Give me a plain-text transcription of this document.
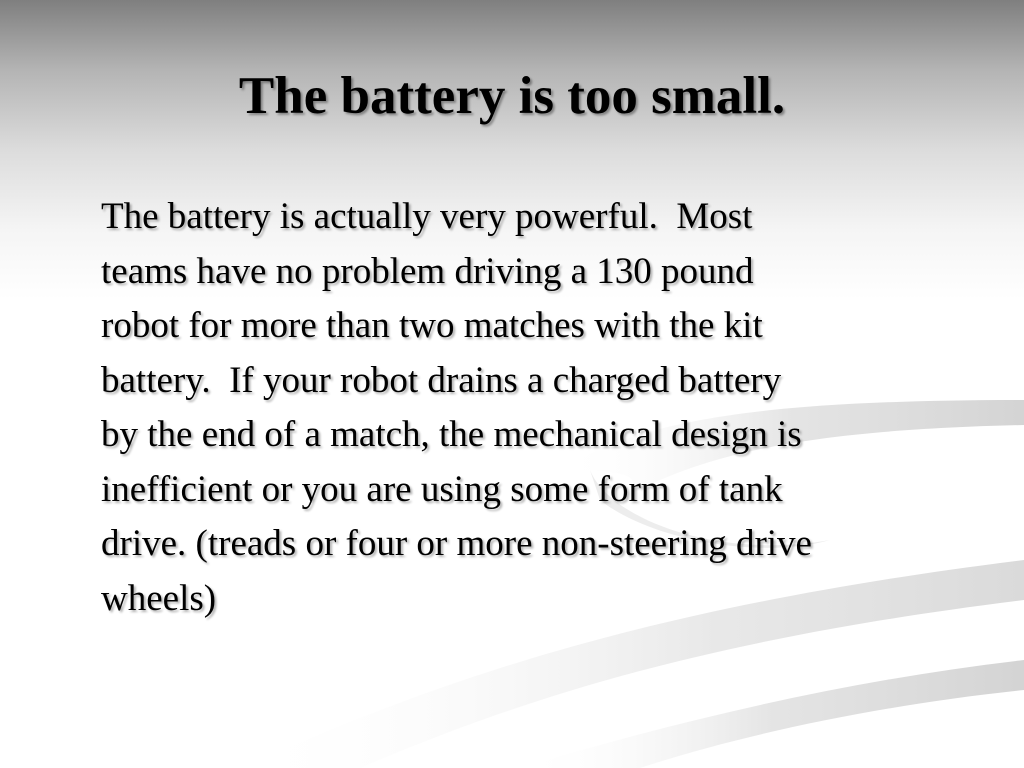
The battery is too small.
The battery is actually very powerful.  Most
teams have no problem driving a 130 pound
robot for more than two matches with the kit
battery.  If your robot drains a charged battery
by the end of a match, the mechanical design is
inefficient or you are using some form of tank
drive. (treads or four or more non-steering drive
wheels)
